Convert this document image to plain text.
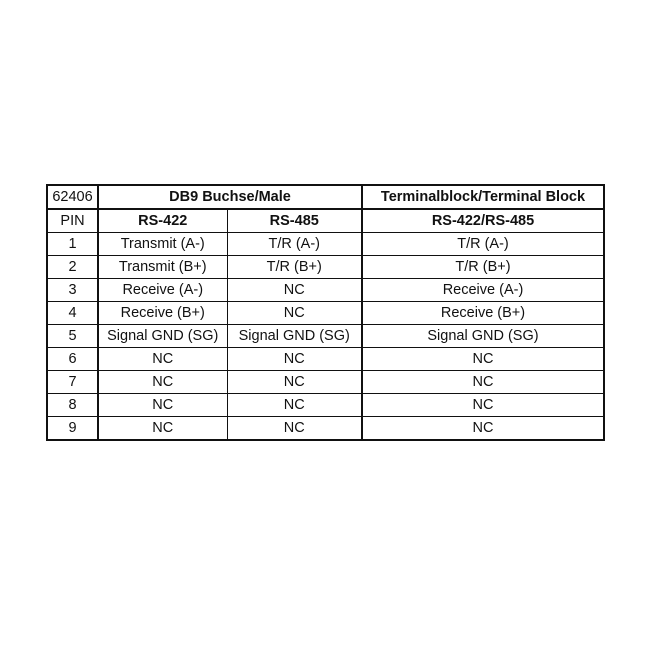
62406	DB9 Buchse/Male		Terminalblock/Terminal Block
PIN	RS-422	RS-485	RS-422/RS-485
1	Transmit (A-)	T/R (A-)	T/R (A-)
2	Transmit (B+)	T/R (B+)	T/R (B+)
3	Receive (A-)	NC	Receive (A-)
4	Receive (B+)	NC	Receive (B+)
5	Signal GND (SG)	Signal GND (SG)	Signal GND (SG)
6	NC	NC	NC
7	NC	NC	NC
8	NC	NC	NC
9	NC	NC	NC
